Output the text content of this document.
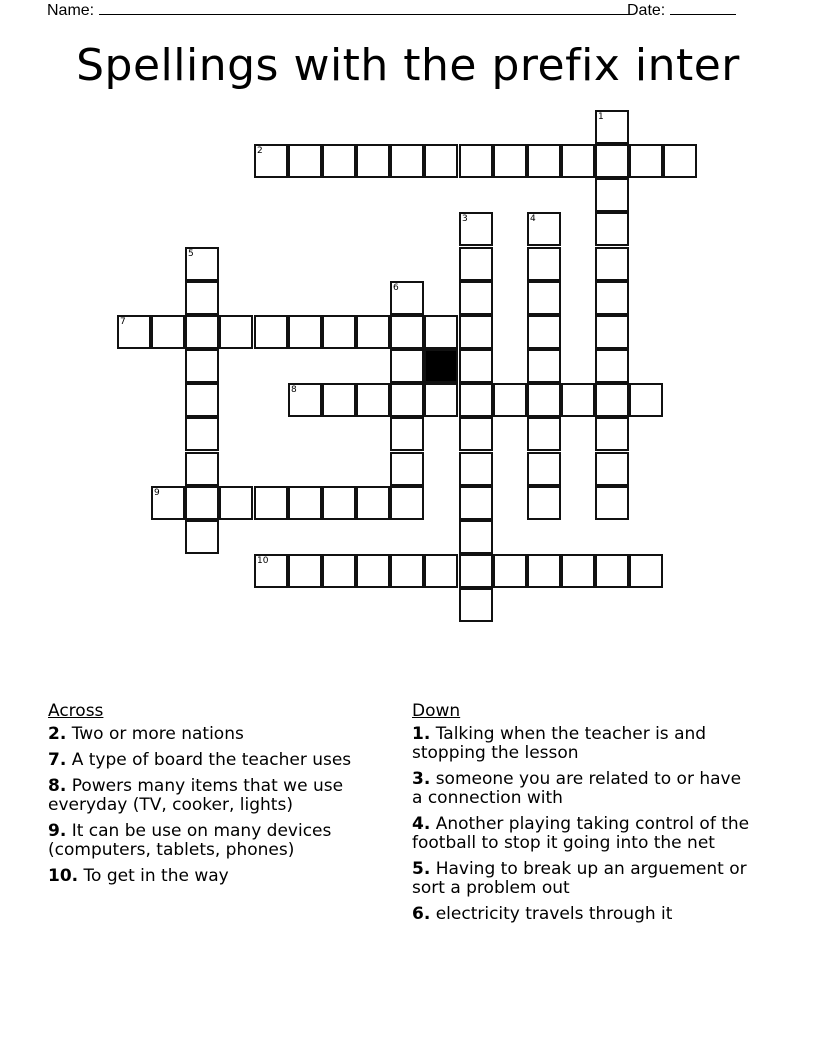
Name:	Date:
Spellings with the prefix inter
1
2
3	4
5
6
7
8
9
10
Across
2. Two or more nations
7. A type of board the teacher uses
8. Powers many items that we use everyday (TV, cooker, lights)
9. It can be use on many devices (computers, tablets, phones)
10. To get in the way
Down
1. Talking when the teacher is and stopping the lesson
3. someone you are related to or have a connection with
4. Another playing taking control of the football to stop it going into the net
5. Having to break up an arguement or sort a problem out
6. electricity travels through it
